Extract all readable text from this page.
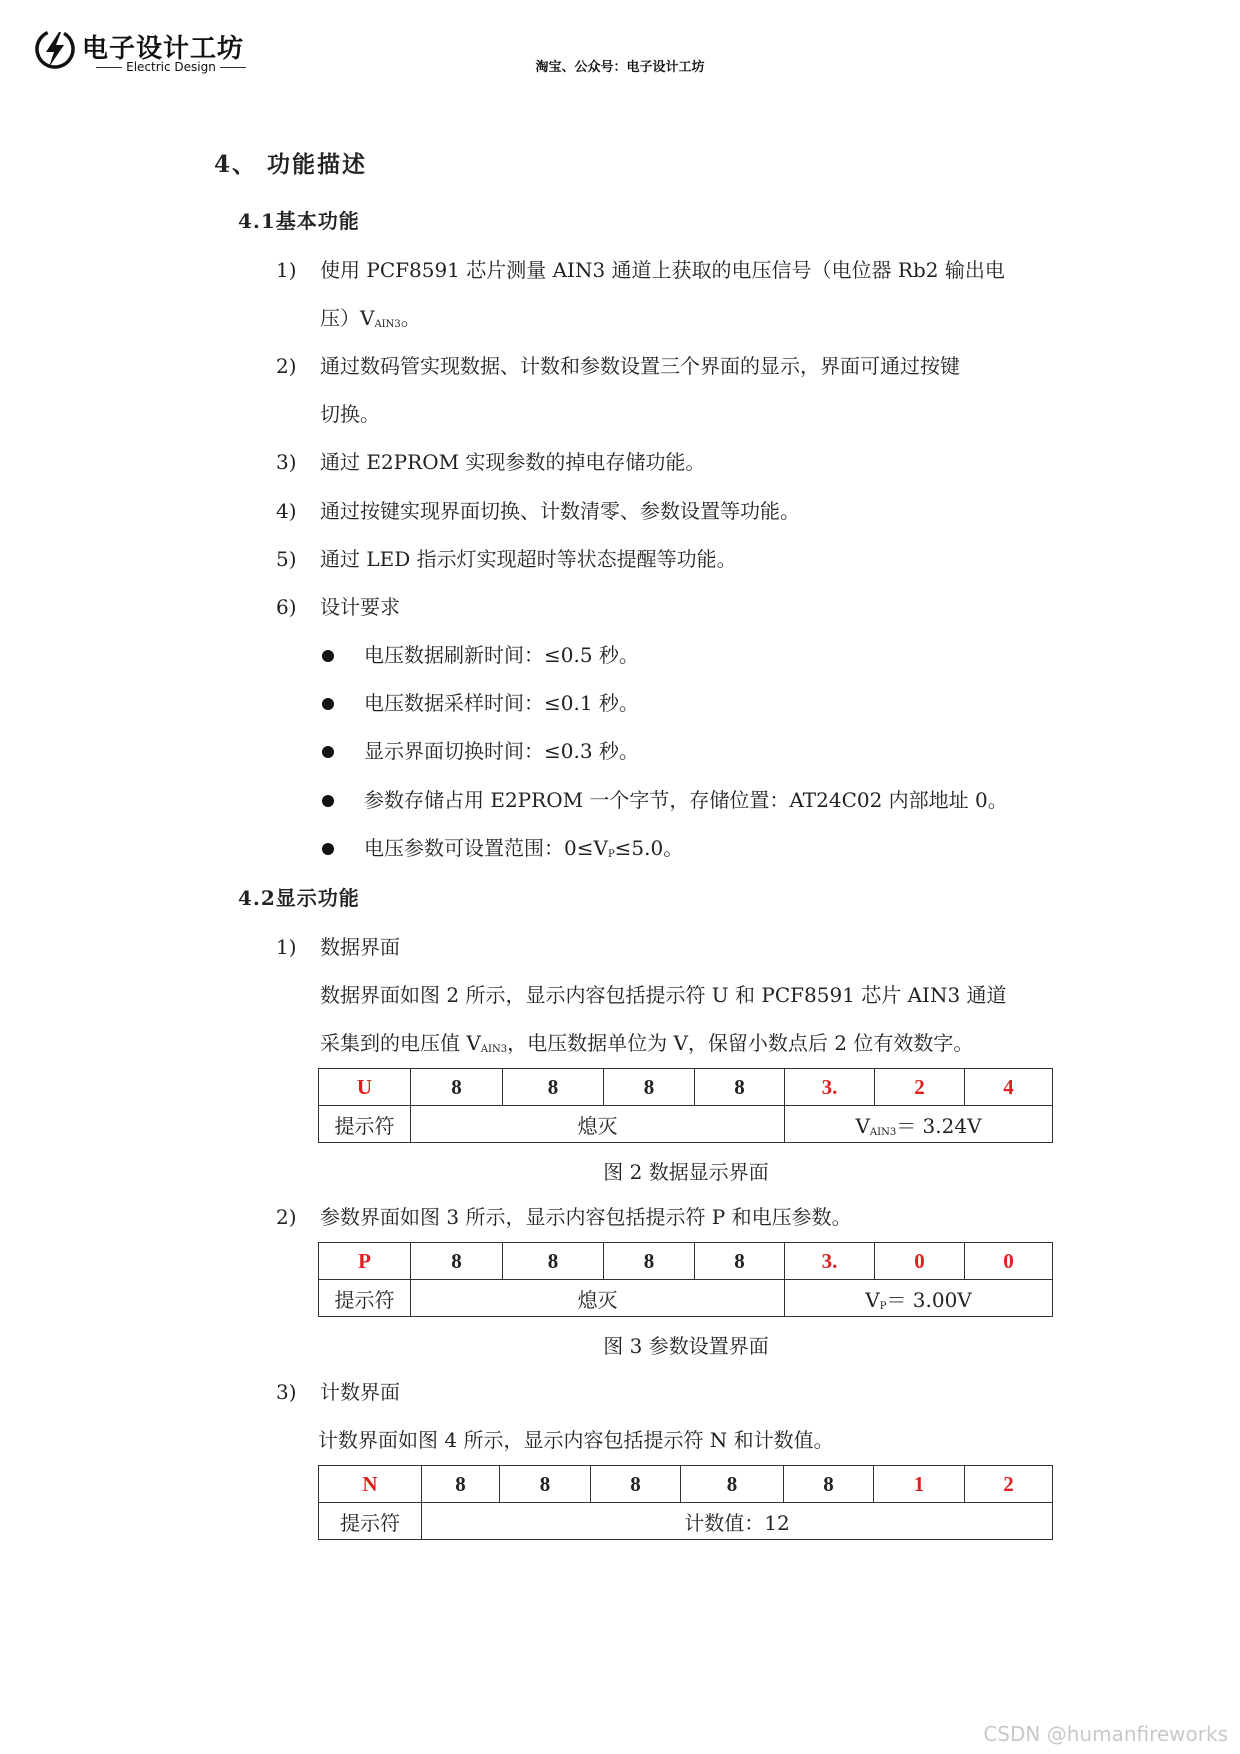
电子设计工坊
Electric Design	淘宝、公众号：电子设计工坊
4、 功能描述
4.1基本功能
1) 使用 PCF8591 芯片测量 AIN3 通道上获取的电压信号（电位器 Rb2 输出电
压）$V_{AIN3}$。
2) 通过数码管实现数据、计数和参数设置三个界面的显示，界面可通过按键
切换。
3) 通过 E2PROM 实现参数的掉电存储功能。
4) 通过按键实现界面切换、计数清零、参数设置等功能。
5) 通过 LED 指示灯实现超时等状态提醒等功能。
6) 设计要求
电压数据刷新时间：≤0.5 秒。
电压数据采样时间：≤0.1 秒。
显示界面切换时间：≤0.3 秒。
参数存储占用 E2PROM 一个字节，存储位置：AT24C02 内部地址 0。
电压参数可设置范围：$0\le V_P\le 5.0$。
4.2显示功能
1) 数据界面
数据界面如图 2 所示，显示内容包括提示符 U 和 PCF8591 芯片 AIN3 通道
采集到的电压值 $V_{AIN3}$，电压数据单位为 V，保留小数点后 2 位有效数字。
U	8	8	8	8	3.	2	4
提示符	熄灭				$V_{AIN3}= 3.24V$		
图 2 数据显示界面
2) 参数界面如图 3 所示，显示内容包括提示符 P 和电压参数。
P	8	8	8	8	3.	0	0
提示符	熄灭				$V_P= 3.00V$		
图 3 参数设置界面
3) 计数界面
计数界面如图 4 所示，显示内容包括提示符 N 和计数值。
N	8	8	8	8	8	1	2
提示符	计数值：12						
CSDN @humanfireworks
